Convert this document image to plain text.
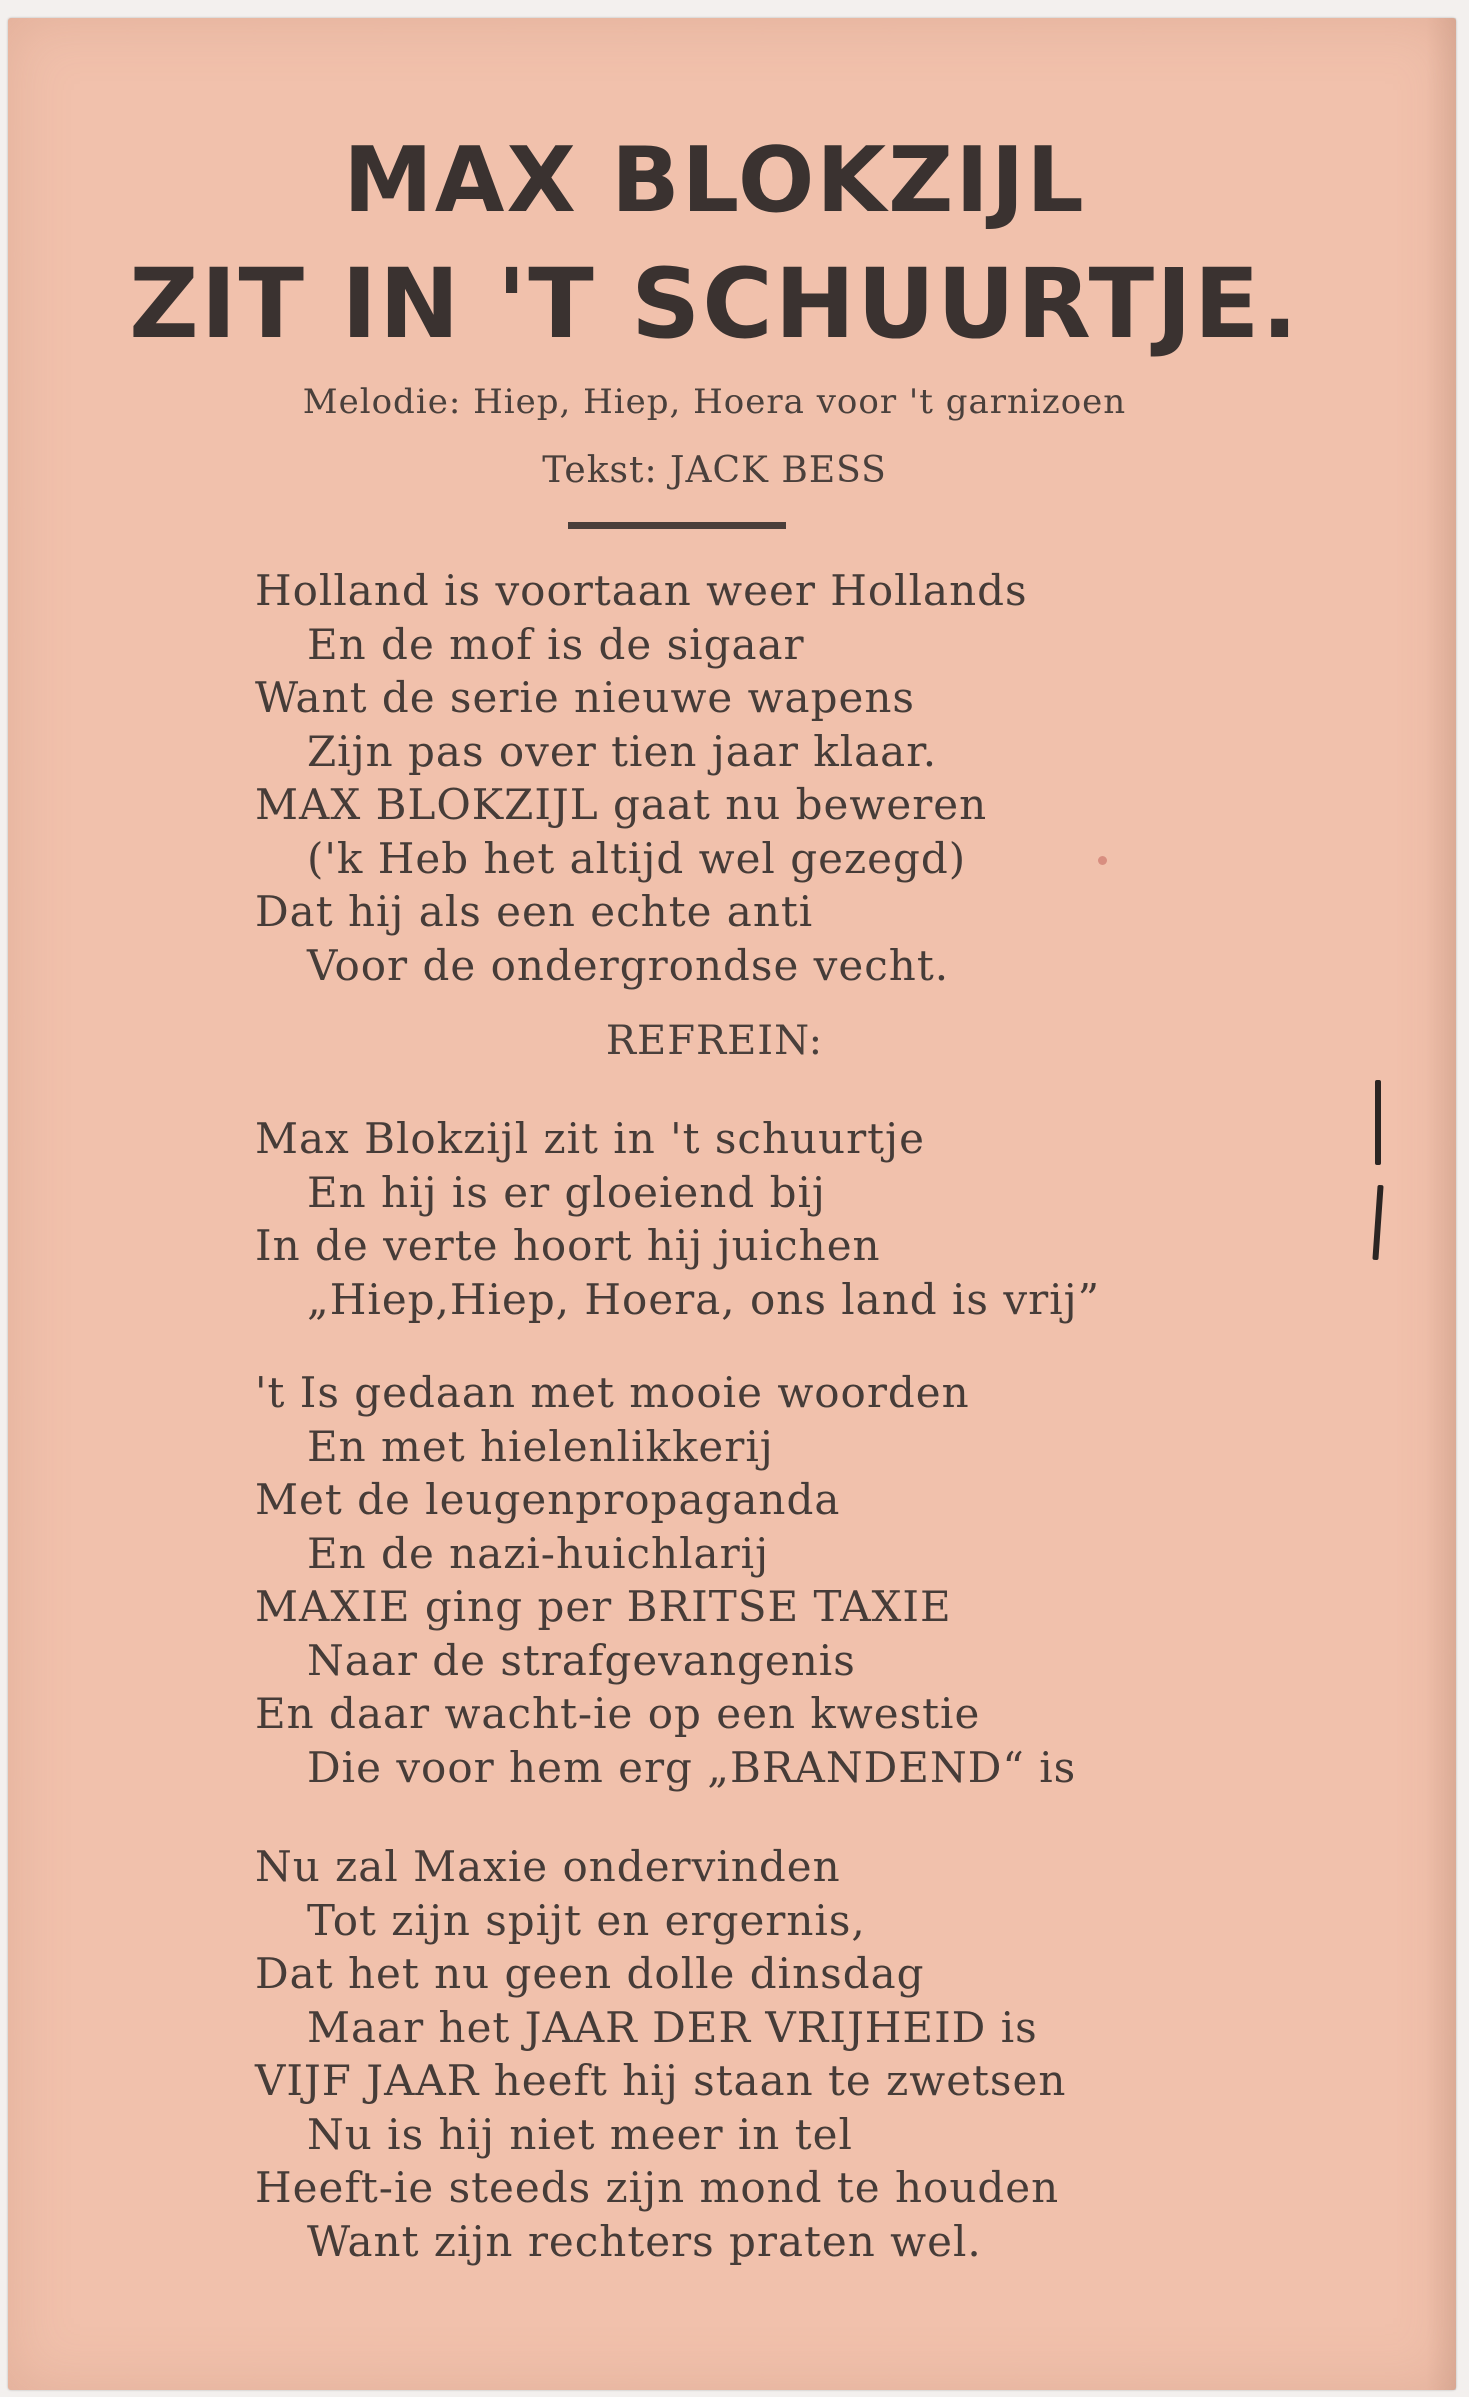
MAX BLOKZIJL
ZIT IN 'T SCHUURTJE.
Melodie: Hiep, Hiep, Hoera voor 't garnizoen
Tekst: JACK BESS
Holland is voortaan weer Hollands
En de mof is de sigaar
Want de serie nieuwe wapens
Zijn pas over tien jaar klaar.
MAX BLOKZIJL gaat nu beweren
('k Heb het altijd wel gezegd)
Dat hij als een echte anti
Voor de ondergrondse vecht.
REFREIN:
Max Blokzijl zit in 't schuurtje
En hij is er gloeiend bij
In de verte hoort hij juichen
„Hiep,Hiep, Hoera, ons land is vrij”
't Is gedaan met mooie woorden
En met hielenlikkerij
Met de leugenpropaganda
En de nazi-huichlarij
MAXIE ging per BRITSE TAXIE
Naar de strafgevangenis
En daar wacht-ie op een kwestie
Die voor hem erg „BRANDEND“ is
Nu zal Maxie ondervinden
Tot zijn spijt en ergernis,
Dat het nu geen dolle dinsdag
Maar het JAAR DER VRIJHEID is
VIJF JAAR heeft hij staan te zwetsen
Nu is hij niet meer in tel
Heeft-ie steeds zijn mond te houden
Want zijn rechters praten wel.
